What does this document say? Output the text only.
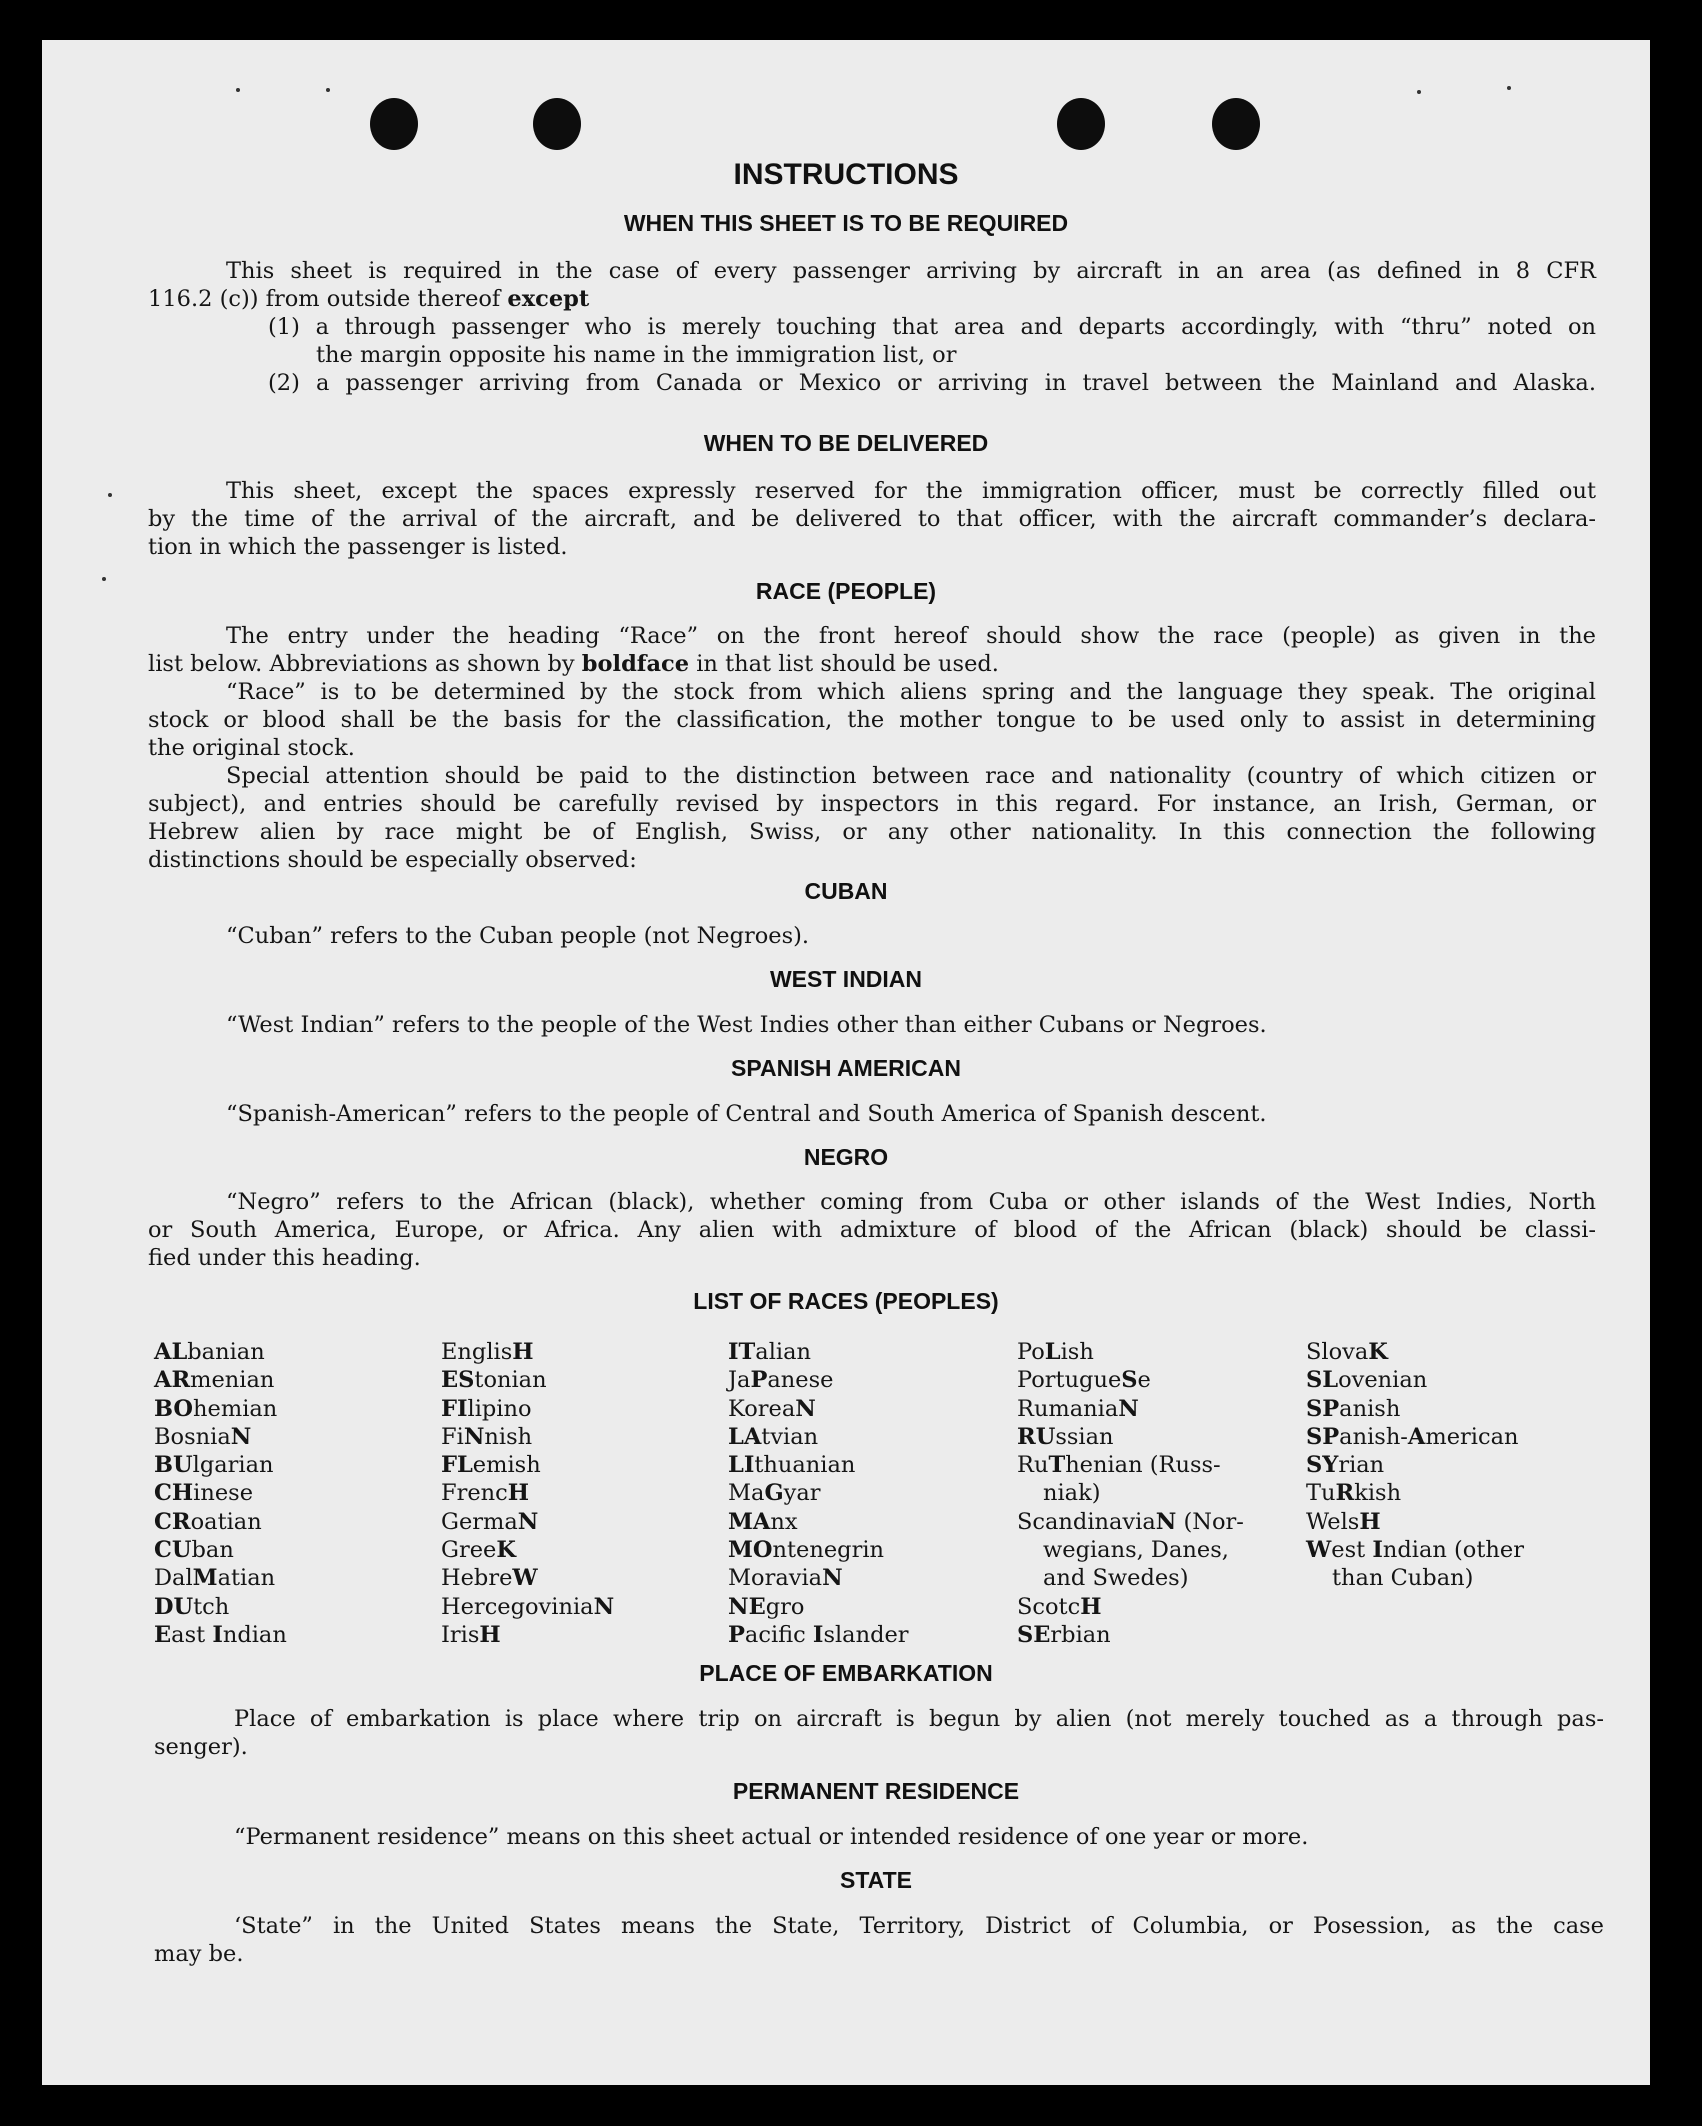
INSTRUCTIONS
WHEN THIS SHEET IS TO BE REQUIRED
This sheet is required in the case of every passenger arriving by aircraft in an area (as defined in 8 CFR
116.2 (c)) from outside thereof except
(1) a through passenger who is merely touching that area and departs accordingly, with “thru” noted on
the margin opposite his name in the immigration list, or
(2) a passenger arriving from Canada or Mexico or arriving in travel between the Mainland and Alaska.
WHEN TO BE DELIVERED
This sheet, except the spaces expressly reserved for the immigration officer, must be correctly filled out
by the time of the arrival of the aircraft, and be delivered to that officer, with the aircraft commander’s declara-
tion in which the passenger is listed.
RACE (PEOPLE)
The entry under the heading “Race” on the front hereof should show the race (people) as given in the
list below. Abbreviations as shown by boldface in that list should be used.
“Race” is to be determined by the stock from which aliens spring and the language they speak. The original
stock or blood shall be the basis for the classification, the mother tongue to be used only to assist in determining
the original stock.
Special attention should be paid to the distinction between race and nationality (country of which citizen or
subject), and entries should be carefully revised by inspectors in this regard. For instance, an Irish, German, or
Hebrew alien by race might be of English, Swiss, or any other nationality. In this connection the following
distinctions should be especially observed:
CUBAN
“Cuban” refers to the Cuban people (not Negroes).
WEST INDIAN
“West Indian” refers to the people of the West Indies other than either Cubans or Negroes.
SPANISH AMERICAN
“Spanish-American” refers to the people of Central and South America of Spanish descent.
NEGRO
“Negro” refers to the African (black), whether coming from Cuba or other islands of the West Indies, North
or South America, Europe, or Africa. Any alien with admixture of blood of the African (black) should be classi-
fied under this heading.
LIST OF RACES (PEOPLES)
ALbanian
ARmenian
BOhemian
BosniaN
BUlgarian
CHinese
CRoatian
CUban
DalMatian
DUtch
East Indian
EnglisH
EStonian
FIlipino
FiNnish
FLemish
FrencH
GermaN
GreeK
HebreW
HercegoviniaN
IrisH
ITalian
JaPanese
KoreaN
LAtvian
LIthuanian
MaGyar
MAnx
MOntenegrin
MoraviaN
NEgro
Pacific Islander
PoLish
PortugueSe
RumaniaN
RUssian
RuThenian (Russ-
niak)
ScandinaviaN (Nor-
wegians, Danes,
and Swedes)
ScotcH
SErbian
SlovaK
SLovenian
SPanish
SPanish-American
SYrian
TuRkish
WelsH
West Indian (other
than Cuban)
PLACE OF EMBARKATION
Place of embarkation is place where trip on aircraft is begun by alien (not merely touched as a through pas-
senger).
PERMANENT RESIDENCE
“Permanent residence” means on this sheet actual or intended residence of one year or more.
STATE
‘State” in the United States means the State, Territory, District of Columbia, or Posession, as the case
may be.
